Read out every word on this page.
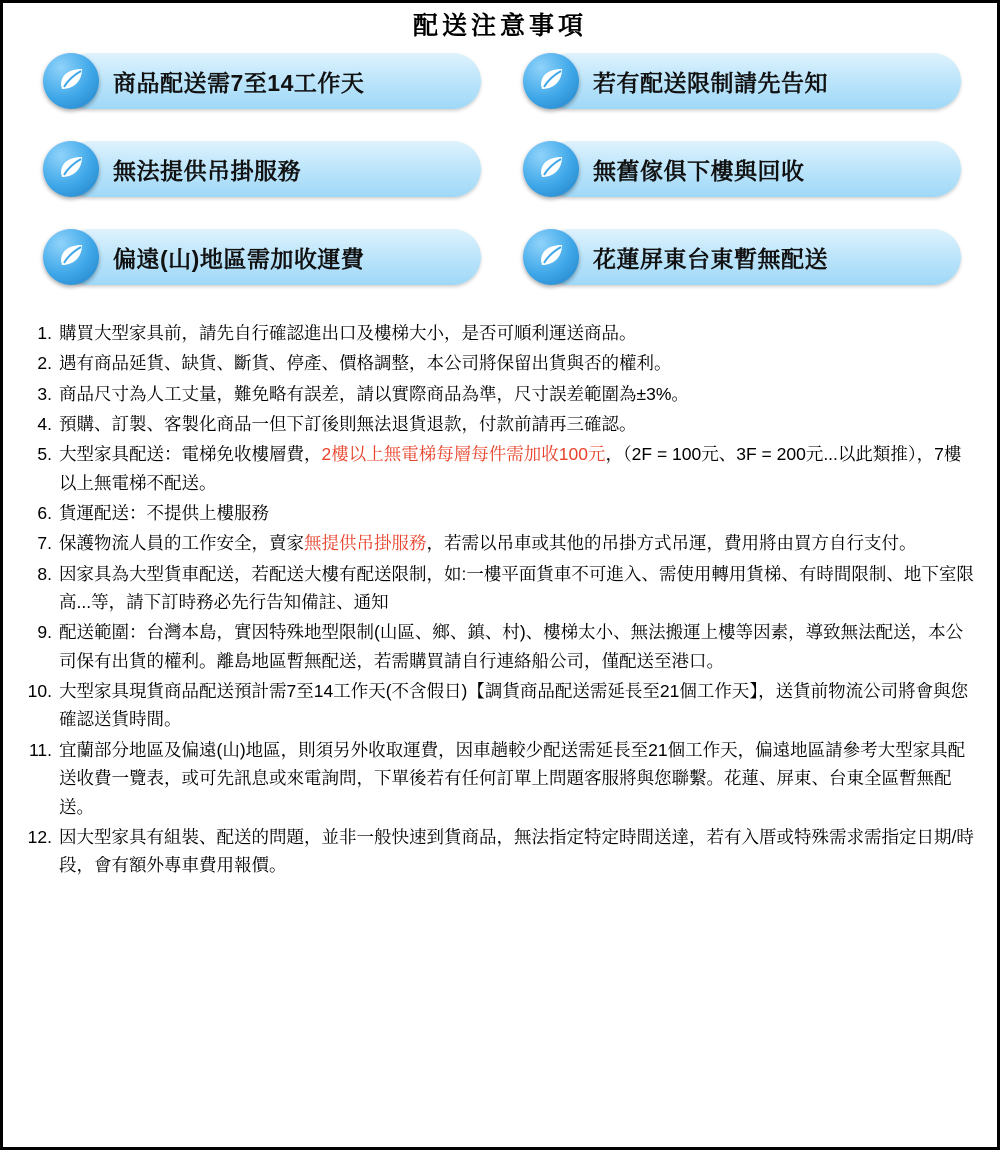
配送注意事項
商品配送需7至14工作天	若有配送限制請先告知
無法提供吊掛服務	無舊傢俱下樓與回收
偏遠(山)地區需加收運費	花蓮屏東台東暫無配送
1. 購買大型家具前，請先自行確認進出口及樓梯大小，是否可順利運送商品。
2. 遇有商品延貨、缺貨、斷貨、停產、價格調整，本公司將保留出貨與否的權利。
3. 商品尺寸為人工丈量，難免略有誤差，請以實際商品為準，尺寸誤差範圍為±3%。
4. 預購、訂製、客製化商品一但下訂後則無法退貨退款，付款前請再三確認。
5. 大型家具配送：電梯免收樓層費，2樓以上無電梯每層每件需加收100元，（2F = 100元、3F = 200元...以此類推），7樓以上無電梯不配送。
6. 貨運配送：不提供上樓服務
7. 保護物流人員的工作安全，賣家無提供吊掛服務，若需以吊車或其他的吊掛方式吊運，費用將由買方自行支付。
8. 因家具為大型貨車配送，若配送大樓有配送限制，如:一樓平面貨車不可進入、需使用轉用貨梯、有時間限制、地下室限高...等，請下訂時務必先行告知備註、通知
9. 配送範圍：台灣本島，實因特殊地型限制(山區、鄉、鎮、村)、樓梯太小、無法搬運上樓等因素，導致無法配送，本公司保有出貨的權利。離島地區暫無配送，若需購買請自行連絡船公司，僅配送至港口。
10. 大型家具現貨商品配送預計需7至14工作天(不含假日)【調貨商品配送需延長至21個工作天】，送貨前物流公司將會與您確認送貨時間。
11. 宜蘭部分地區及偏遠(山)地區，則須另外收取運費，因車趟較少配送需延長至21個工作天，偏遠地區請參考大型家具配送收費一覽表，或可先訊息或來電詢問，下單後若有任何訂單上問題客服將與您聯繫。花蓮、屏東、台東全區暫無配送。
12. 因大型家具有組裝、配送的問題，並非一般快速到貨商品，無法指定特定時間送達，若有入厝或特殊需求需指定日期/時段，會有額外專車費用報價。
